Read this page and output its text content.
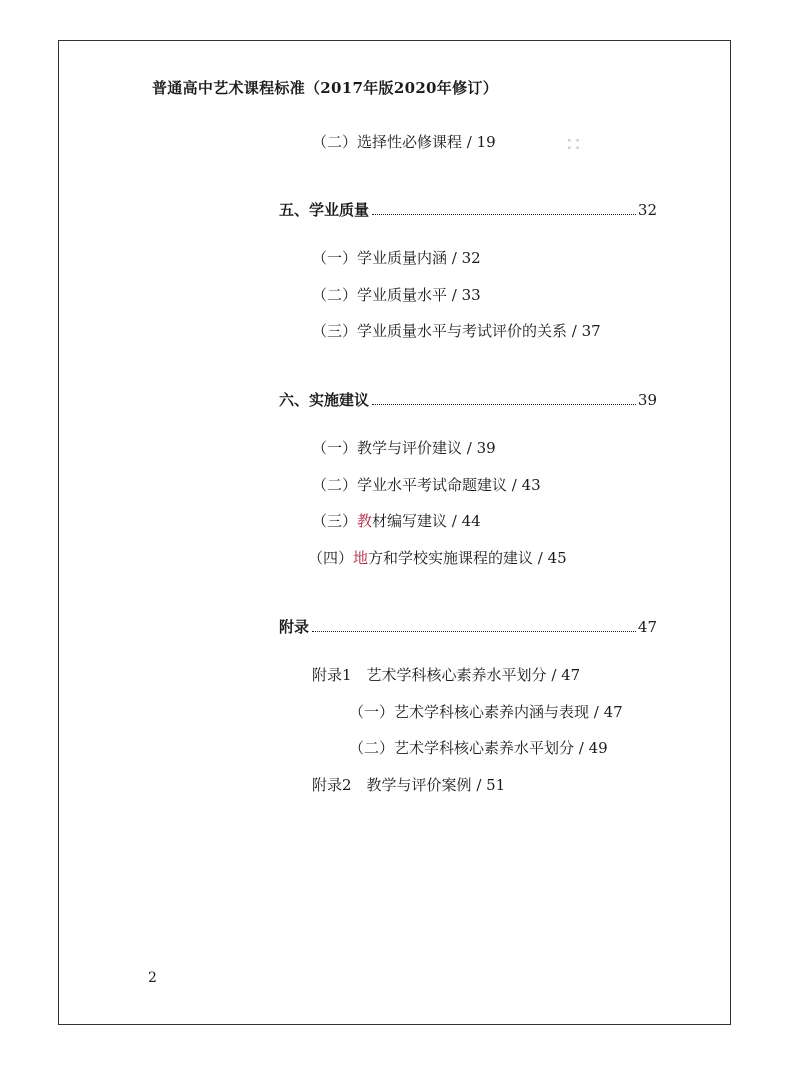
普通高中艺术课程标准（2017年版2020年修订）
∷
（二）选择性必修课程 / 19
五、学业质量	32
（一）学业质量内涵 / 32
（二）学业质量水平 / 33
（三）学业质量水平与考试评价的关系 / 37
六、实施建议	39
（一）教学与评价建议 / 39
（二）学业水平考试命题建议 / 43
（三）教材编写建议 / 44
（四）地方和学校实施课程的建议 / 45
附录	47
附录1　艺术学科核心素养水平划分 / 47
（一）艺术学科核心素养内涵与表现 / 47
（二）艺术学科核心素养水平划分 / 49
附录2　教学与评价案例 / 51
2
